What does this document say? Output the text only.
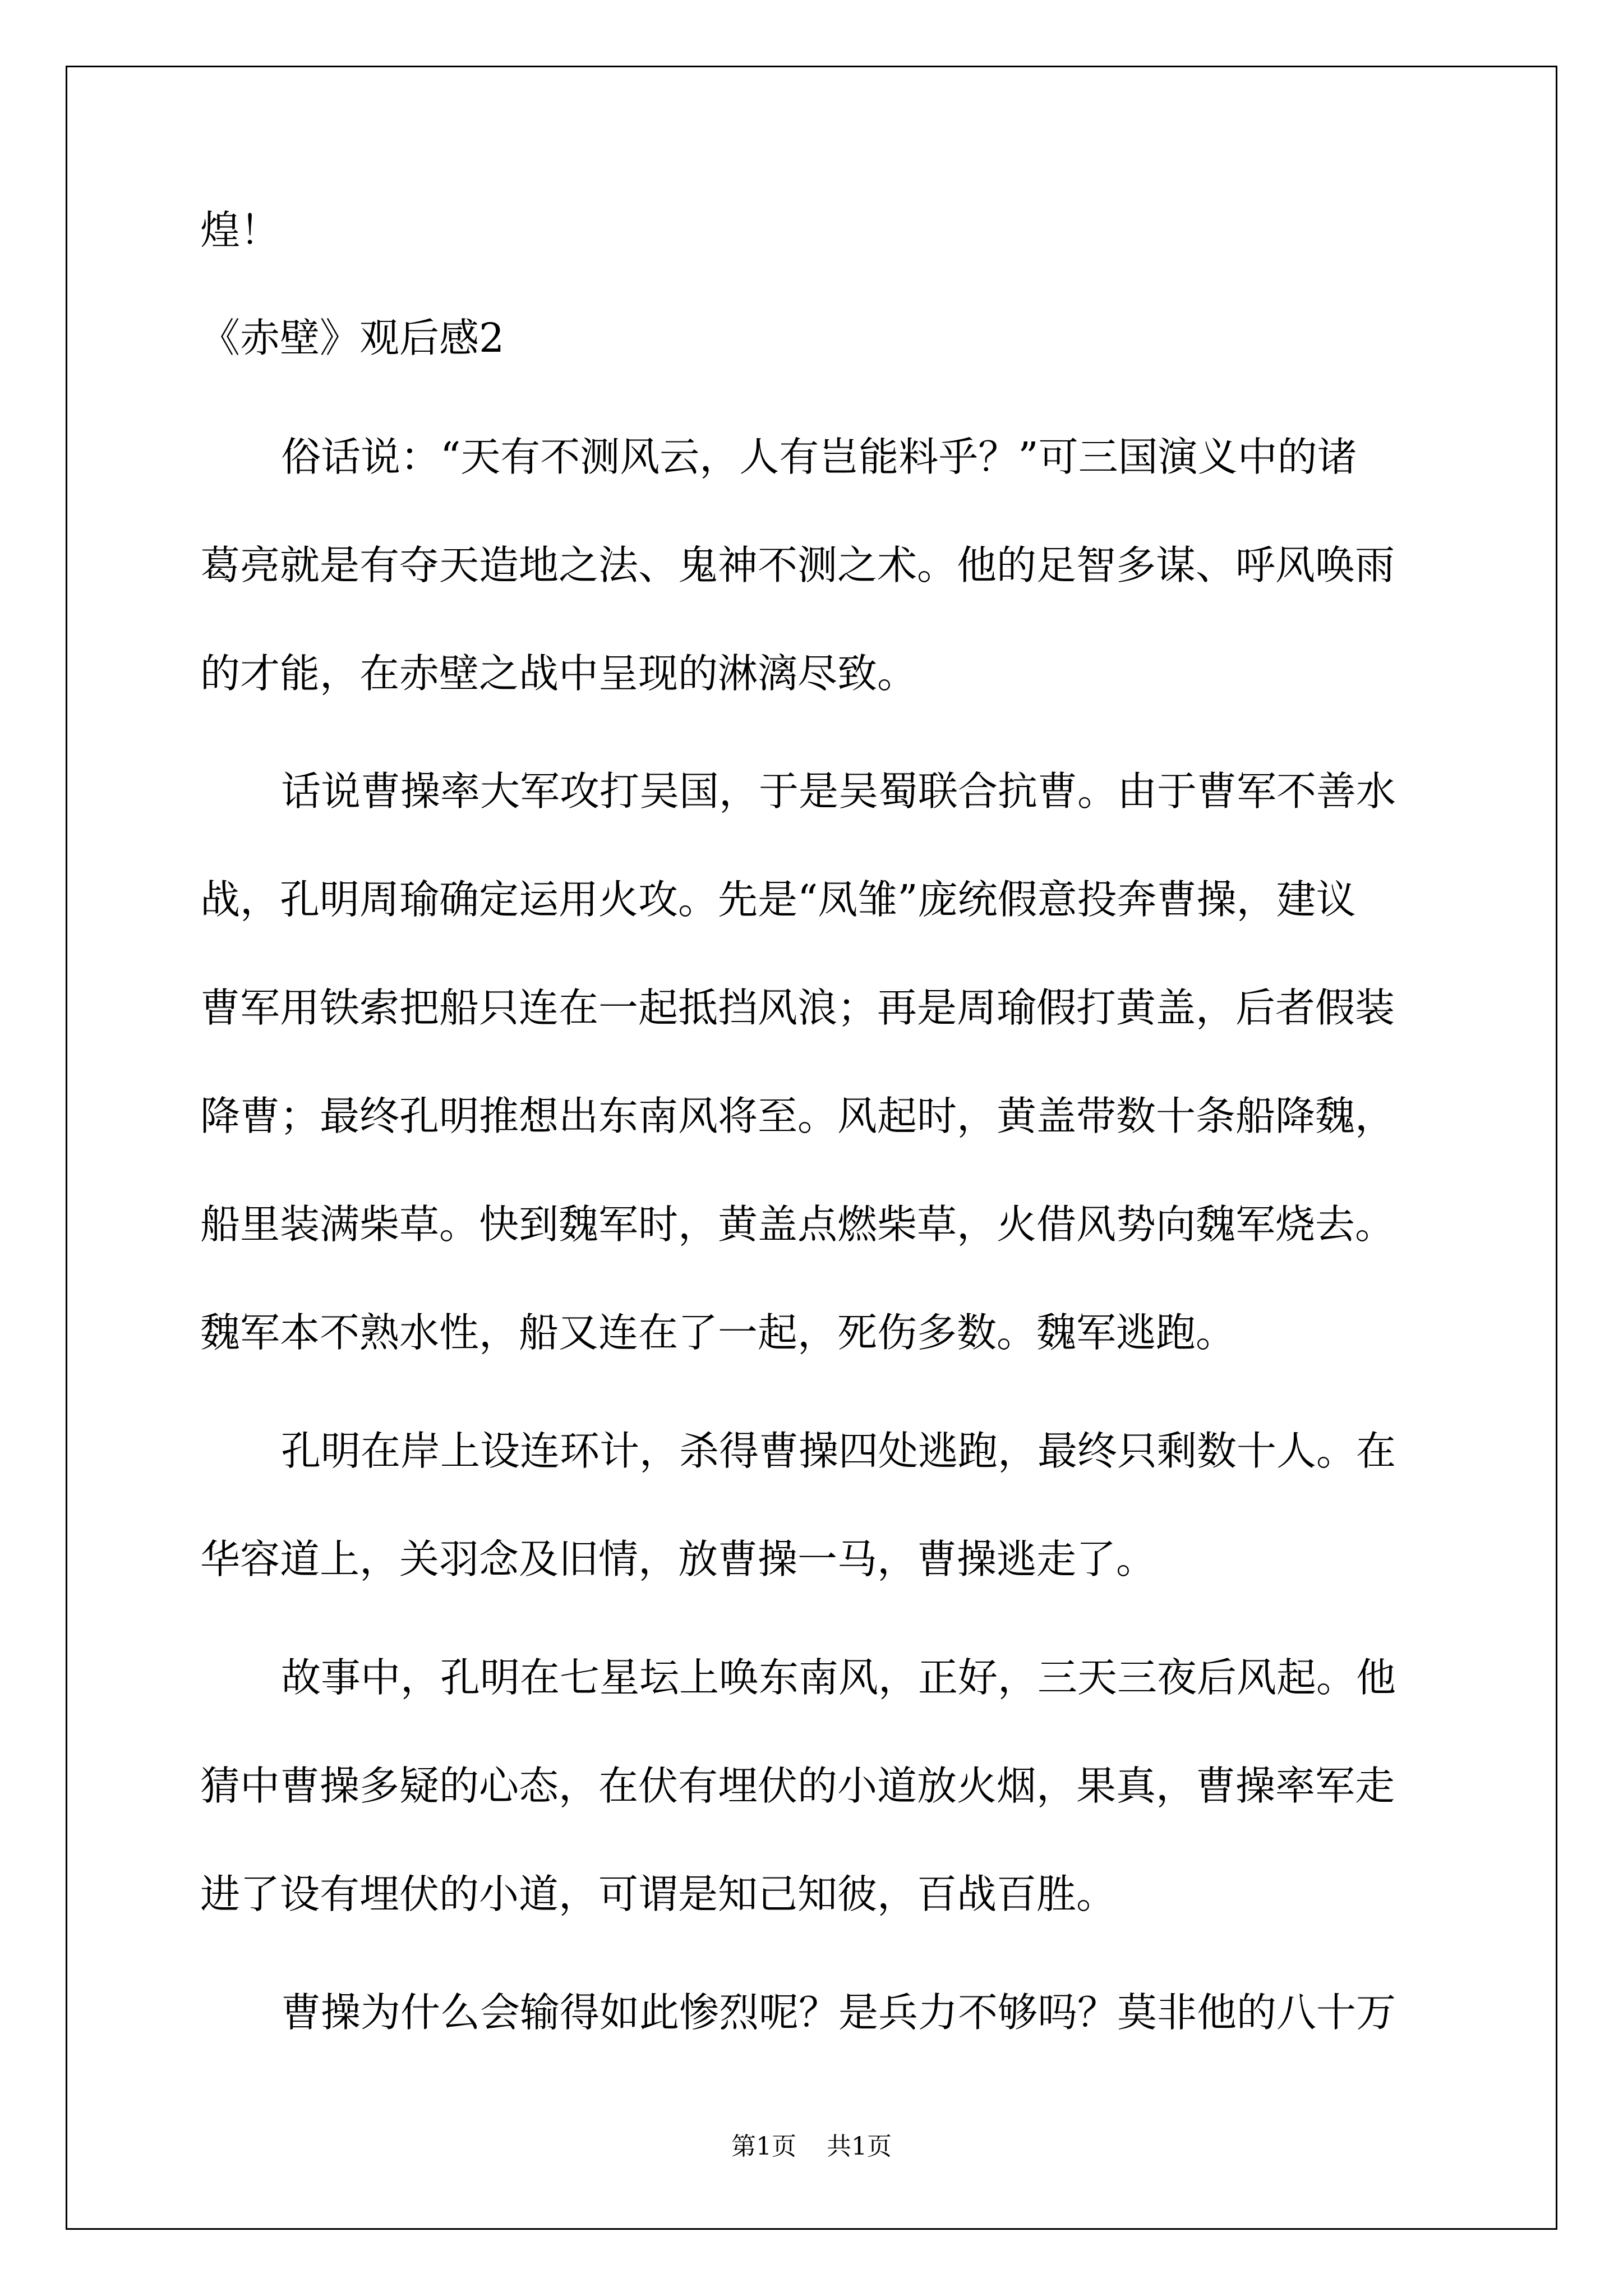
煌！
《赤壁》观后感2
俗话说：“天有不测风云，人有岂能料乎？”可三国演义中的诸
葛亮就是有夺天造地之法、鬼神不测之术。他的足智多谋、呼风唤雨
的才能，在赤壁之战中呈现的淋漓尽致。
话说曹操率大军攻打吴国，于是吴蜀联合抗曹。由于曹军不善水
战，孔明周瑜确定运用火攻。先是“凤雏”庞统假意投奔曹操，建议
曹军用铁索把船只连在一起抵挡风浪；再是周瑜假打黄盖，后者假装
降曹；最终孔明推想出东南风将至。风起时，黄盖带数十条船降魏，
船里装满柴草。快到魏军时，黄盖点燃柴草，火借风势向魏军烧去。
魏军本不熟水性，船又连在了一起，死伤多数。魏军逃跑。
孔明在岸上设连环计，杀得曹操四处逃跑，最终只剩数十人。在
华容道上，关羽念及旧情，放曹操一马，曹操逃走了。
故事中，孔明在七星坛上唤东南风，正好，三天三夜后风起。他
猜中曹操多疑的心态，在伏有埋伏的小道放火烟，果真，曹操率军走
进了设有埋伏的小道，可谓是知己知彼，百战百胜。
曹操为什么会输得如此惨烈呢？是兵力不够吗？莫非他的八十万
第1页 共1页
